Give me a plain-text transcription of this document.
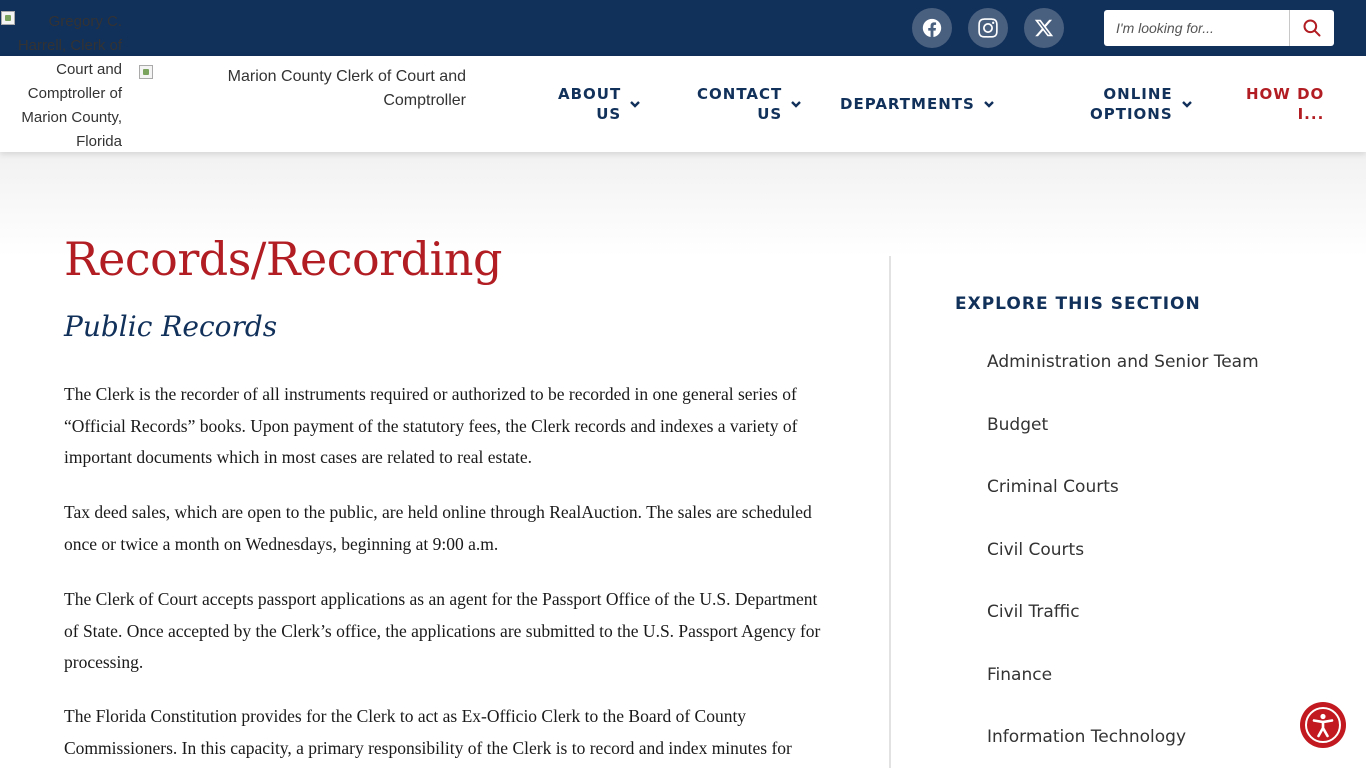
I'm looking for...
Gregory C. Harrell, Clerk of Court and Comptroller of Marion County, Florida
Marion County Clerk of Court and Comptroller	ABOUT
US
CONTACT
US
DEPARTMENTS
ONLINE
OPTIONS
HOW DO
I...
Records/Recording
Public Records

The Clerk is the recorder of all instruments required or authorized to be recorded in one general series of “Official Records” books. Upon payment of the statutory fees, the Clerk records and indexes a variety of important documents which in most cases are related to real estate.

Tax deed sales, which are open to the public, are held online through RealAuction. The sales are scheduled once or twice a month on Wednesdays, beginning at 9:00 a.m.

The Clerk of Court accepts passport applications as an agent for the Passport Office of the U.S. Department of State. Once accepted by the Clerk’s office, the applications are submitted to the U.S. Passport Agency for processing.

The Florida Constitution provides for the Clerk to act as Ex-Officio Clerk to the Board of County Commissioners. In this capacity, a primary responsibility of the Clerk is to record and index minutes for

EXPLORE THIS SECTION
Administration and Senior Team
Budget
Criminal Courts
Civil Courts
Civil Traffic
Finance
Information Technology
